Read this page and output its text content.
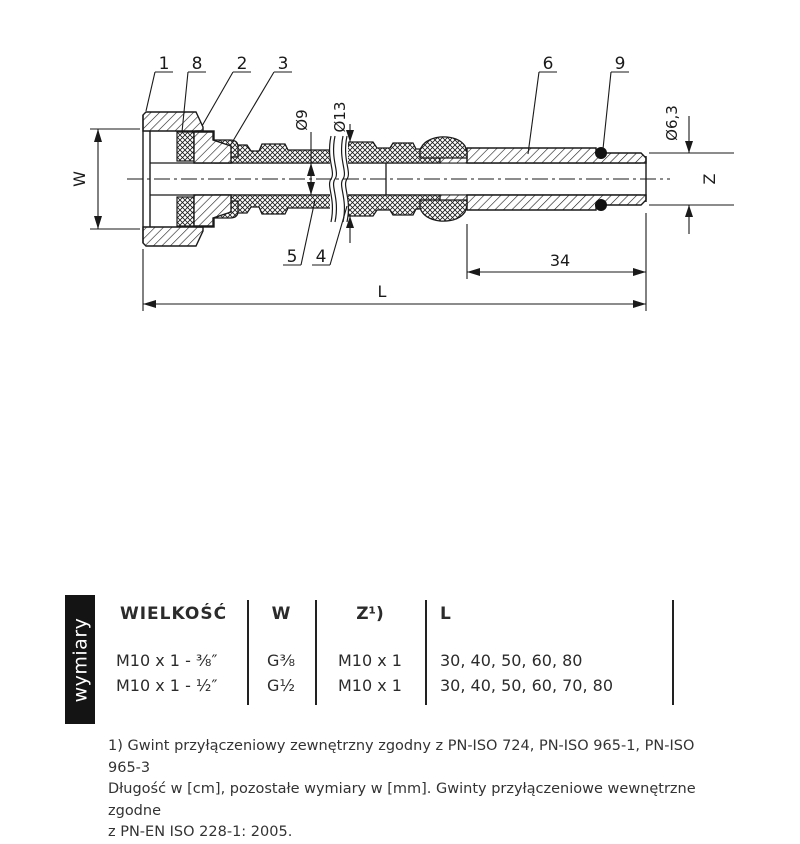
W
Ø9 Ø13	Ø6,3
Z
34
L
1 8 2 3	6	9
5 4
wymiary
WIELKOŚĆ	W	Z¹)	L
M10 x 1 - ⅜″	G⅜	M10 x 1	30, 40, 50, 60, 80
M10 x 1 - ½″	G½	M10 x 1	30, 40, 50, 60, 70, 80
1) Gwint przyłączeniowy zewnętrzny zgodny z PN-ISO 724, PN-ISO 965-1, PN-ISO 965-3
Długość w [cm], pozostałe wymiary w [mm]. Gwinty przyłączeniowe wewnętrzne zgodne
z PN-EN ISO 228-1: 2005.
